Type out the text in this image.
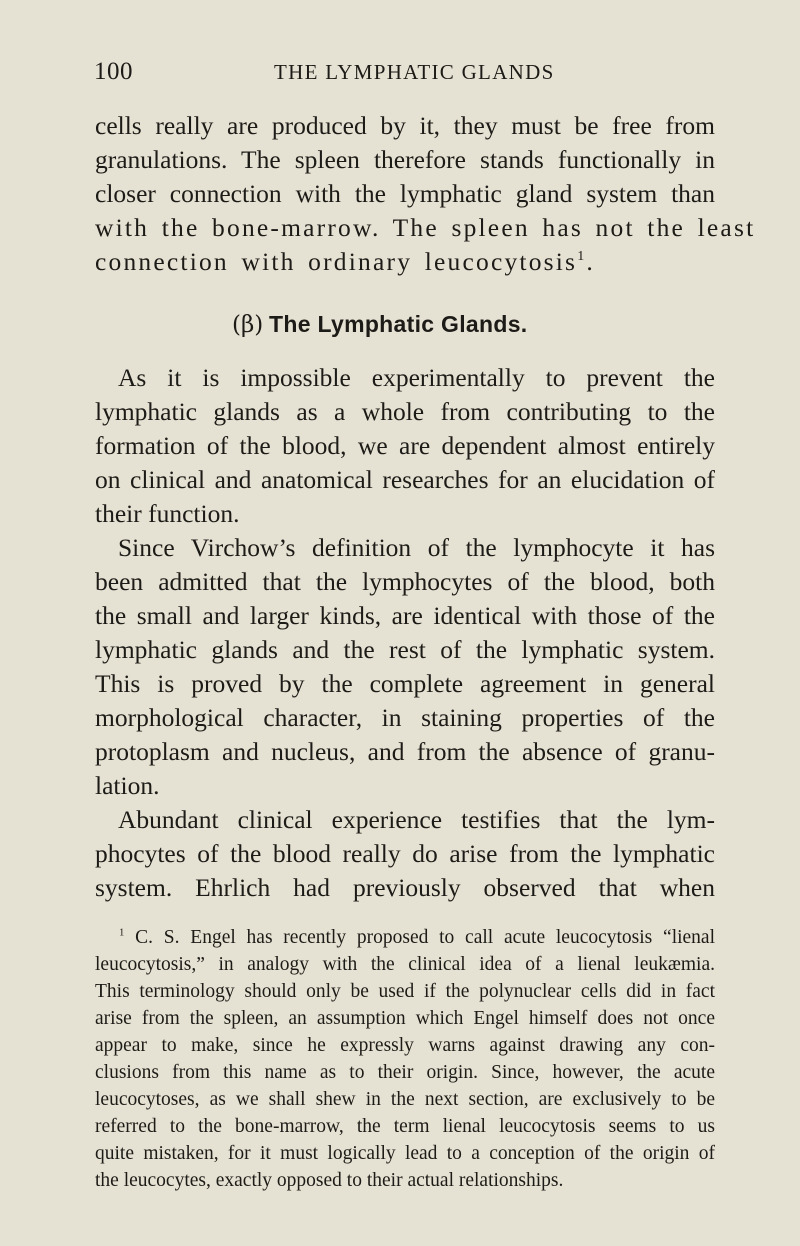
100	THE LYMPHATIC GLANDS

cells really are produced by it, they must be free from

granulations. The spleen therefore stands functionally in

closer connection with the lymphatic gland system than

with the bone-marrow. The spleen has not the least

connection with ordinary leucocytosis$^1$.

(β) The Lymphatic Glands.

As it is impossible experimentally to prevent the

lymphatic glands as a whole from contributing to the

formation of the blood, we are dependent almost entirely

on clinical and anatomical researches for an elucidation of

their function.

Since Virchow’s definition of the lymphocyte it has

been admitted that the lymphocytes of the blood, both

the small and larger kinds, are identical with those of the

lymphatic glands and the rest of the lymphatic system.

This is proved by the complete agreement in general

morphological character, in staining properties of the

protoplasm and nucleus, and from the absence of granu-

lation.

Abundant clinical experience testifies that the lym-

phocytes of the blood really do arise from the lymphatic

system. Ehrlich had previously observed that when

$^1$ C. S. Engel has recently proposed to call acute leucocytosis “lienal

leucocytosis,” in analogy with the clinical idea of a lienal leukæmia.

This terminology should only be used if the polynuclear cells did in fact

arise from the spleen, an assumption which Engel himself does not once

appear to make, since he expressly warns against drawing any con-

clusions from this name as to their origin. Since, however, the acute

leucocytoses, as we shall shew in the next section, are exclusively to be

referred to the bone-marrow, the term lienal leucocytosis seems to us

quite mistaken, for it must logically lead to a conception of the origin of

the leucocytes, exactly opposed to their actual relationships.
